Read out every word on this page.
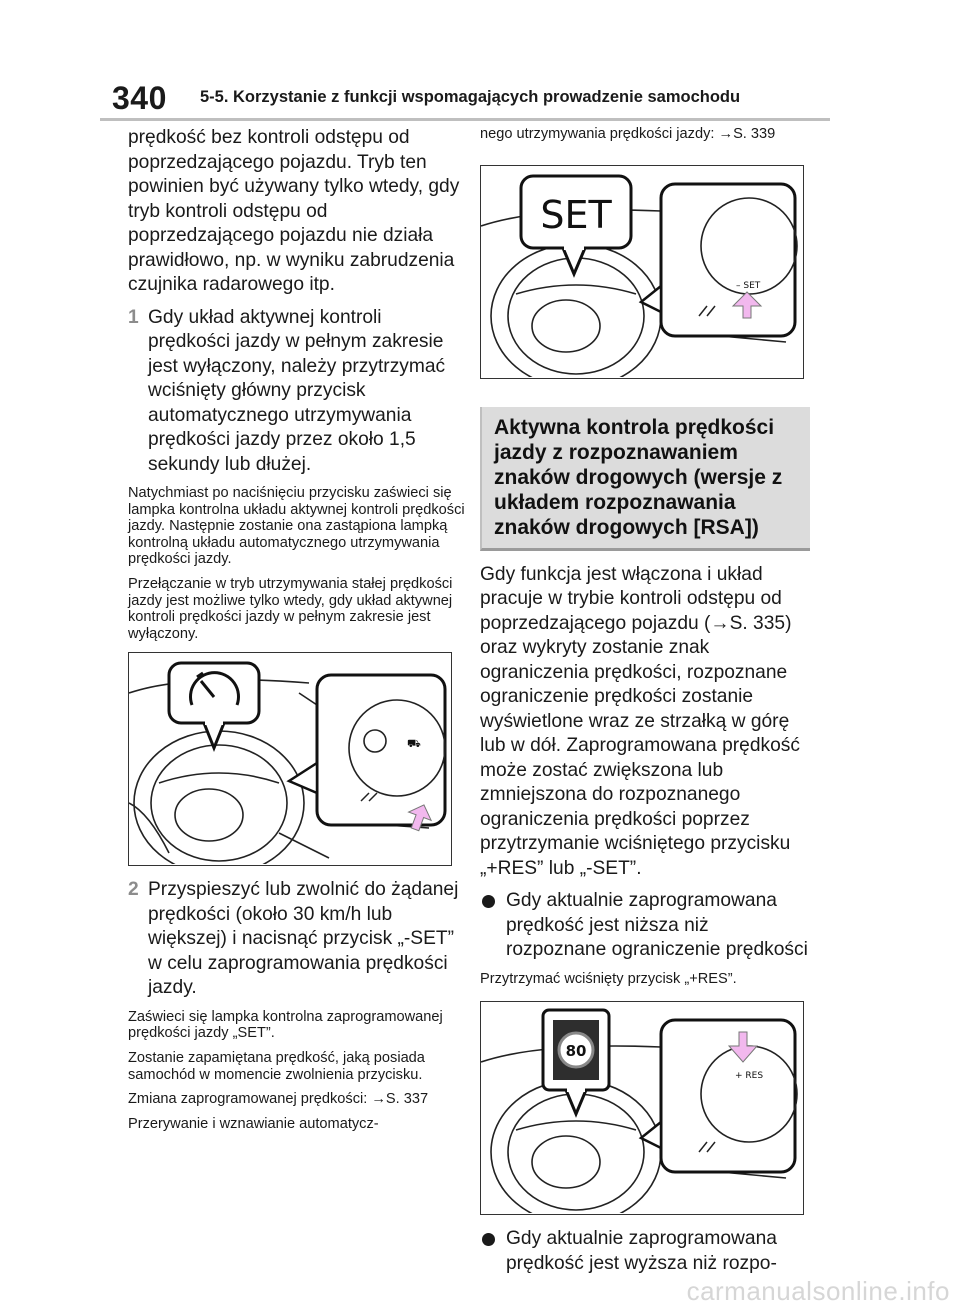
340 5-5. Korzystanie z funkcji wspomagających prowadzenie samochodu

prędkość bez kontroli odstępu od poprzedzającego pojazdu. Tryb ten powinien być używany tylko wtedy, gdy tryb kontroli odstępu od poprzedzającego pojazdu nie działa prawidłowo, np. w wyniku zabrudzenia czujnika radarowego itp.

1 Gdy układ aktywnej kontroli prędkości jazdy w pełnym zakresie jest wyłączony, należy przytrzymać wciśnięty główny przycisk automatycznego utrzymywania prędkości jazdy przez około 1,5 sekundy lub dłużej.

Natychmiast po naciśnięciu przycisku zaświeci się lampka kontrolna układu aktywnej kontroli prędkości jazdy. Następnie zostanie ona zastąpiona lampką kontrolną układu automatycznego utrzymywania prędkości jazdy.

Przełączanie w tryb utrzymywania stałej prędkości jazdy jest możliwe tylko wtedy, gdy układ aktywnej kontroli prędkości jazdy w pełnym zakresie jest wyłączony.

⛟
2 Przyspieszyć lub zwolnić do żądanej prędkości (około 30 km/h lub większej) i nacisnąć przycisk „-SET” w celu zaprogramowania prędkości jazdy.

Zaświeci się lampka kontrolna zaprogramowanej prędkości jazdy „SET”.

Zostanie zapamiętana prędkość, jaką posiada samochód w momencie zwolnienia przycisku.

Zmiana zaprogramowanej prędkości: →S. 337

Przerywanie i wznawianie automatycz-

nego utrzymywania prędkości jazdy: →S. 339

SET
– SET
Aktywna kontrola prędkości jazdy z rozpoznawaniem znaków drogowych (wersje z układem rozpoznawania znaków drogowych [RSA])

Gdy funkcja jest włączona i układ pracuje w trybie kontroli odstępu od poprzedzającego pojazdu (→S. 335) oraz wykryty zostanie znak ograniczenia prędkości, rozpoznane ograniczenie prędkości zostanie wyświetlone wraz ze strzałką w górę lub w dół. Zaprogramowana prędkość może zostać zwiększona lub zmniejszona do rozpoznanego ograniczenia prędkości poprzez przytrzymanie wciśniętego przycisku „+RES” lub „-SET”.

Gdy aktualnie zaprogramowana prędkość jest niższa niż rozpoznane ograniczenie prędkości

Przytrzymać wciśnięty przycisk „+RES”.

80
+ RES
Gdy aktualnie zaprogramowana prędkość jest wyższa niż rozpo-
carmanualsonline.info
